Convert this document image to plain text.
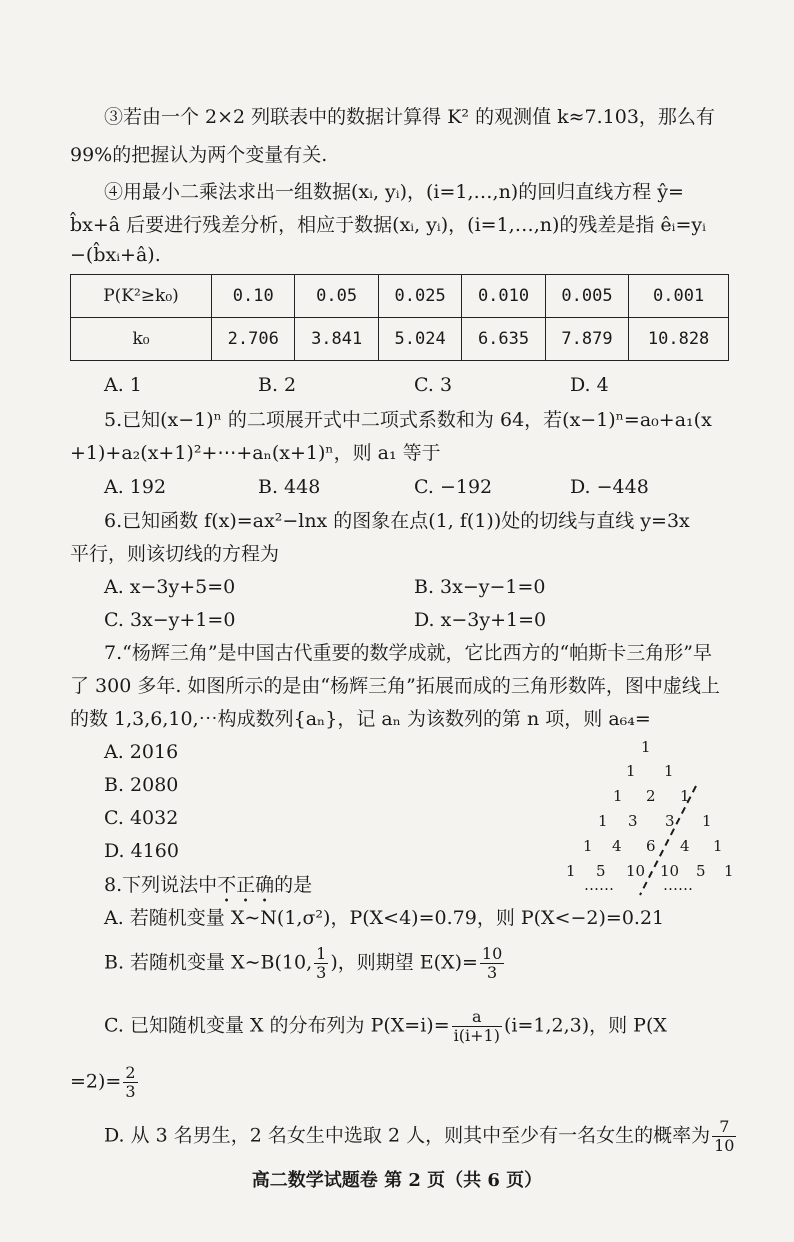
③若由一个 2×2 列联表中的数据计算得 K² 的观测值 k≈7.103，那么有
99%的把握认为两个变量有关.
④用最小二乘法求出一组数据(xᵢ, yᵢ)，(i=1,…,n)的回归直线方程 ŷ=
b̂x+â 后要进行残差分析，相应于数据(xᵢ, yᵢ)，(i=1,…,n)的残差是指 êᵢ=yᵢ
−(b̂xᵢ+â).
P(K²≥k₀)	0.10	0.05	0.025	0.010	0.005	0.001
k₀	2.706	3.841	5.024	6.635	7.879	10.828
A. 1	B. 2	C. 3	D. 4
5.已知(x−1)ⁿ 的二项展开式中二项式系数和为 64，若(x−1)ⁿ=a₀+a₁(x
+1)+a₂(x+1)²+⋯+aₙ(x+1)ⁿ，则 a₁ 等于
A. 192	B. 448	C. −192	D. −448
6.已知函数 f(x)=ax²−lnx 的图象在点(1, f(1))处的切线与直线 y=3x
平行，则该切线的方程为
A. x−3y+5=0	B. 3x−y−1=0
C. 3x−y+1=0	D. x−3y+1=0
7.“杨辉三角”是中国古代重要的数学成就，它比西方的“帕斯卡三角形”早
了 300 多年. 如图所示的是由“杨辉三角”拓展而成的三角形数阵，图中虚线上
的数 1,3,6,10,⋯构成数列{aₙ}，记 aₙ 为该数列的第 n 项，则 a₆₄=
A. 2016
B. 2080
C. 4032
D. 4160
1
1 1
1 2 1
1 3 3 1
1 4 6 4 1
1 5 10 10 5 1
……	……
8.下列说法中不正确的是
A. 若随机变量 X∼N(1,σ²)，P(X<4)=0.79，则 P(X<−2)=0.21
B. 若随机变量 X∼B(10, $\frac{1}{3}$ )，则期望 $E(X)= \frac{10}{3}$
C. 已知随机变量 X 的分布列为 $P(X=i)= \frac{a}{i(i+1)} (i=1,2,3)$，则 P(X
$=2)= \frac{2}{3}$
D. 从 3 名男生，2 名女生中选取 2 人，则其中至少有一名女生的概率为 $\frac{7}{10}$
高二数学试题卷 第 2 页（共 6 页）
